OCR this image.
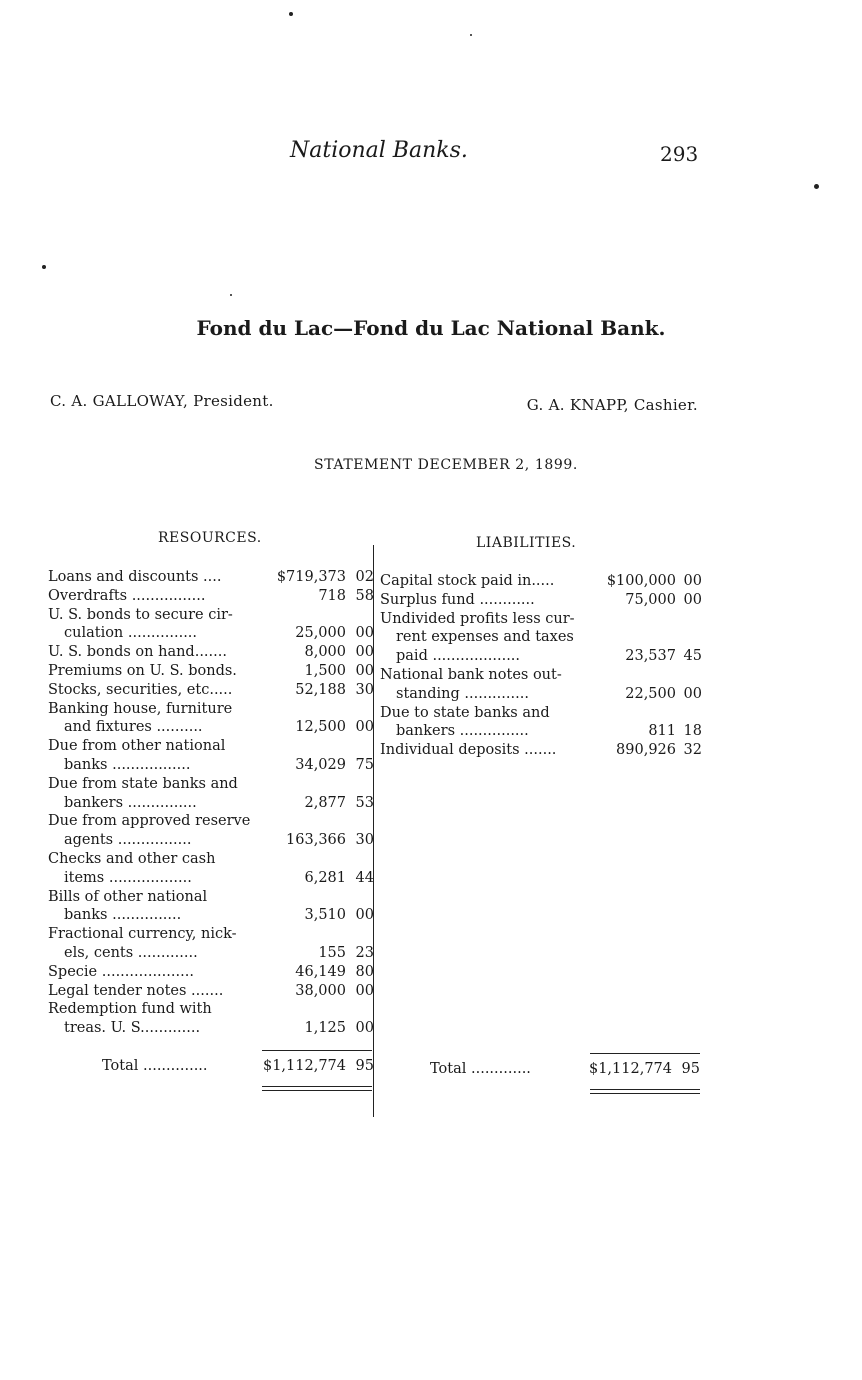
National Banks.	293
Fond du Lac—Fond du Lac National Bank.
C. A. GALLOWAY, President.	G. A. KNAPP, Cashier.
STATEMENT DECEMBER 2, 1899.
RESOURCES.	LIABILITIES.
Loans and discounts ....	$719,373 02
Overdrafts ................	718 58
U. S. bonds to secure cir-
culation ...............	25,000 00
U. S. bonds on hand.......	8,000 00
Premiums on U. S. bonds.	1,500 00
Stocks, securities, etc.....	52,188 30
Banking house, furniture
and fixtures ..........	12,500 00
Due from other national
banks .................	34,029 75
Due from state banks and
bankers ...............	2,877 53
Due from approved reserve
agents ................	163,366 30
Checks and other cash
items ..................	6,281 44
Bills of other national
banks ...............	3,510 00
Fractional currency, nick-
els, cents .............	155 23
Specie ....................	46,149 80
Legal tender notes .......	38,000 00
Redemption fund with
treas. U. S.............	1,125 00
Capital stock paid in.....	$100,000 00
Surplus fund ............	75,000 00
Undivided profits less cur-
rent expenses and taxes
paid ...................	23,537 45
National bank notes out-
standing ..............	22,500 00
Due to state banks and
bankers ...............	811 18
Individual deposits .......	890,926 32
Total ..............	$1,112,774 95	Total .............	$1,112,774 95
